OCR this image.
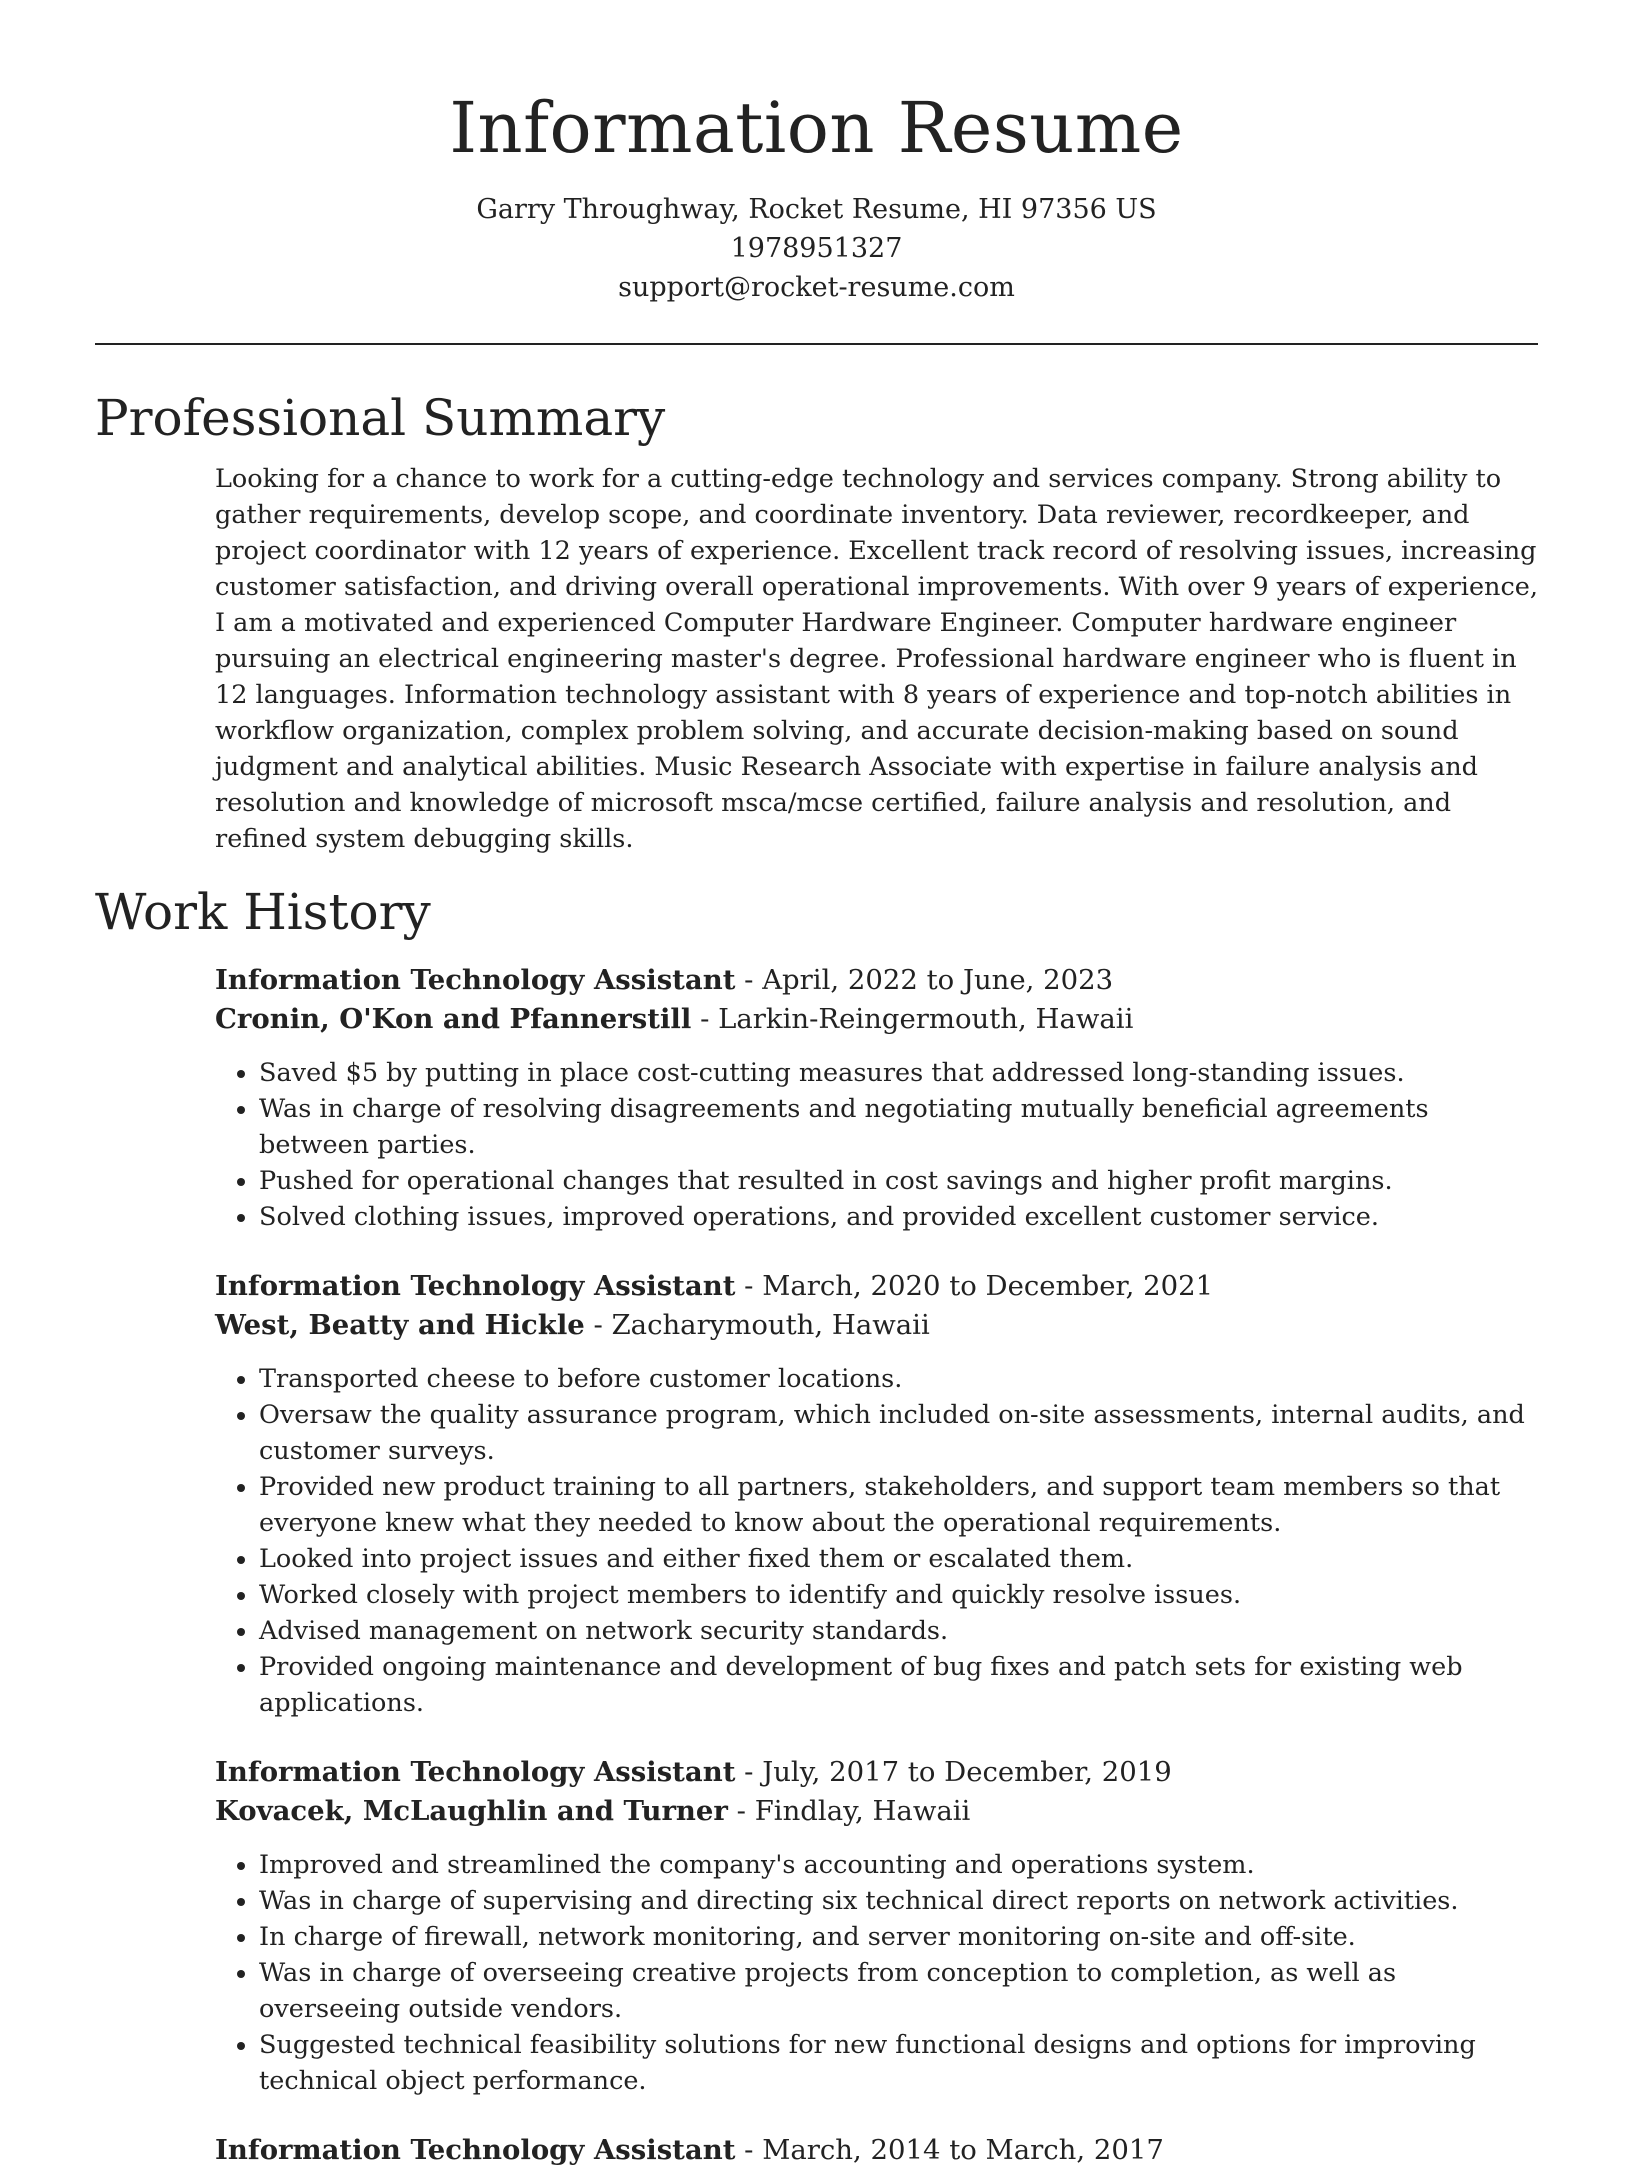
Information Resume

Garry Throughway, Rocket Resume, HI 97356 US

1978951327

support@rocket-resume.com

Professional Summary

Looking for a chance to work for a cutting-edge technology and services company. Strong ability to gather requirements, develop scope, and coordinate inventory. Data reviewer, recordkeeper, and project coordinator with 12 years of experience. Excellent track record of resolving issues, increasing customer satisfaction, and driving overall operational improvements. With over 9 years of experience, I am a motivated and experienced Computer Hardware Engineer. Computer hardware engineer pursuing an electrical engineering master's degree. Professional hardware engineer who is fluent in 12 languages. Information technology assistant with 8 years of experience and top-notch abilities in workflow organization, complex problem solving, and accurate decision-making based on sound judgment and analytical abilities. Music Research Associate with expertise in failure analysis and resolution and knowledge of microsoft msca/mcse certified, failure analysis and resolution, and refined system debugging skills.

Work History

Information Technology Assistant - April, 2022 to June, 2023

Cronin, O'Kon and Pfannerstill - Larkin-Reingermouth, Hawaii

• Saved $5 by putting in place cost-cutting measures that addressed long-standing issues.
• Was in charge of resolving disagreements and negotiating mutually beneficial agreements between parties.
• Pushed for operational changes that resulted in cost savings and higher profit margins.
• Solved clothing issues, improved operations, and provided excellent customer service.

Information Technology Assistant - March, 2020 to December, 2021

West, Beatty and Hickle - Zacharymouth, Hawaii

• Transported cheese to before customer locations.
• Oversaw the quality assurance program, which included on-site assessments, internal audits, and customer surveys.
• Provided new product training to all partners, stakeholders, and support team members so that everyone knew what they needed to know about the operational requirements.
• Looked into project issues and either fixed them or escalated them.
• Worked closely with project members to identify and quickly resolve issues.
• Advised management on network security standards.
• Provided ongoing maintenance and development of bug fixes and patch sets for existing web applications.

Information Technology Assistant - July, 2017 to December, 2019

Kovacek, McLaughlin and Turner - Findlay, Hawaii

• Improved and streamlined the company's accounting and operations system.
• Was in charge of supervising and directing six technical direct reports on network activities.
• In charge of firewall, network monitoring, and server monitoring on-site and off-site.
• Was in charge of overseeing creative projects from conception to completion, as well as overseeing outside vendors.
• Suggested technical feasibility solutions for new functional designs and options for improving technical object performance.

Information Technology Assistant - March, 2014 to March, 2017
